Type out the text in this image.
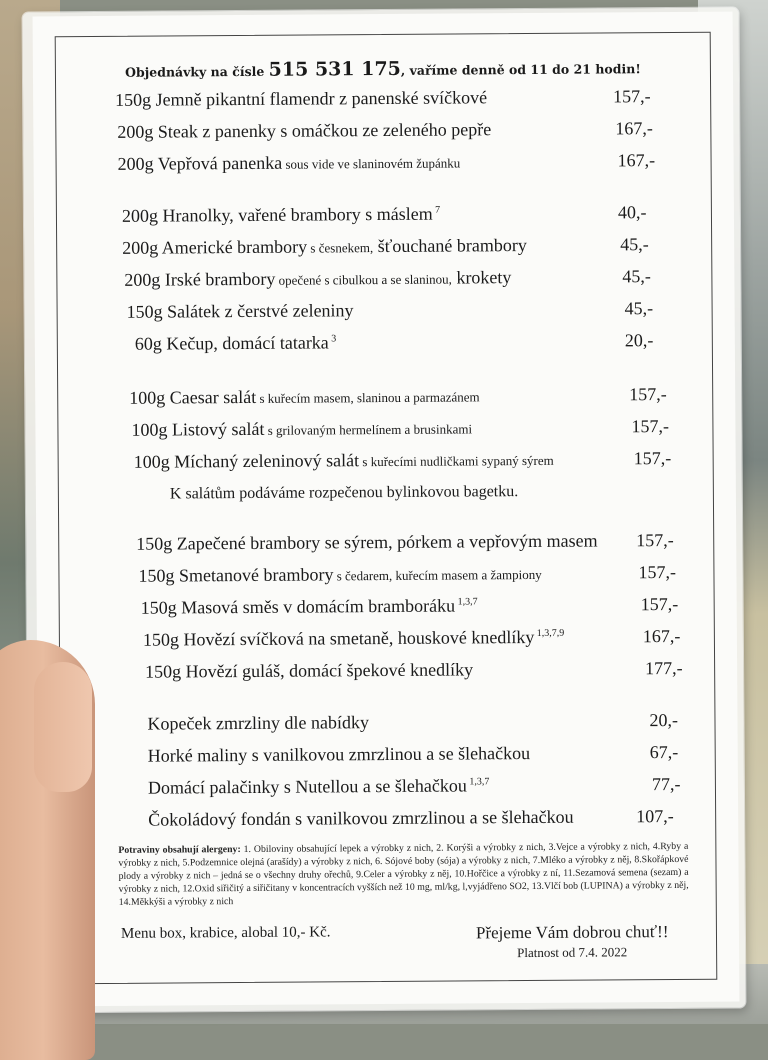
Objednávky na čísle 515 531 175, vaříme denně od 11 do 21 hodin!
150g Jemně pikantní flamendr z panenské svíčkové	157,-
200g Steak z panenky s omáčkou ze zeleného pepře	167,-
200g Vepřová panenka sous vide ve slaninovém župánku	167,-
200g Hranolky, vařené brambory s máslem $^7$	40,-
200g Americké brambory s česnekem, šťouchané brambory	45,-
200g Irské brambory opečené s cibulkou a se slaninou, krokety	45,-
150g Salátek z čerstvé zeleniny	45,-
60g Kečup, domácí tatarka $^3$	20,-
100g Caesar salát s kuřecím masem, slaninou a parmazánem	157,-
100g Listový salát s grilovaným hermelínem a brusinkami	157,-
100g Míchaný zeleninový salát s kuřecími nudličkami sypaný sýrem	157,-
150g Zapečené brambory se sýrem, pórkem a vepřovým masem 157,-
150g Smetanové brambory s čedarem, kuřecím masem a žampiony	157,-
150g Masová směs v domácím bramboráku $^{1,3,7}$	157,-
150g Hovězí svíčková na smetaně, houskové knedlíky $^{1,3,7,9}$	167,-
150g Hovězí guláš, domácí špekové knedlíky	177,-
Kopeček zmrzliny dle nabídky	20,-
Horké maliny s vanilkovou zmrzlinou a se šlehačkou	67,-
Domácí palačinky s Nutellou a se šlehačkou $^{1,3,7}$	77,-
Čokoládový fondán s vanilkovou zmrzlinou a se šlehačkou	107,-
K salátům podáváme rozpečenou bylinkovou bagetku.
Potraviny obsahují alergeny: 1. Obiloviny obsahující lepek a výrobky z nich, 2. Korýši a výrobky z nich, 3.Vejce a výrobky z nich, 4.Ryby a výrobky z nich, 5.Podzemnice olejná (arašídy) a výrobky z nich, 6. Sójové boby (sója) a výrobky z nich, 7.Mléko a výrobky z něj, 8.Skořápkové plody a výrobky z nich – jedná se o všechny druhy ořechů, 9.Celer a výrobky z něj, 10.Hořčice a výrobky z ní, 11.Sezamová semena (sezam) a výrobky z nich, 12.Oxid siřičitý a siřičitany v koncentracích vyšších než 10 mg, ml/kg, l,vyjádřeno SO2, 13.Vlčí bob (LUPINA) a výrobky z něj, 14.Měkkýši a výrobky z nich
Menu box, krabice, alobal 10,- Kč.	Přejeme Vám dobrou chuť!!
Platnost od 7.4. 2022
